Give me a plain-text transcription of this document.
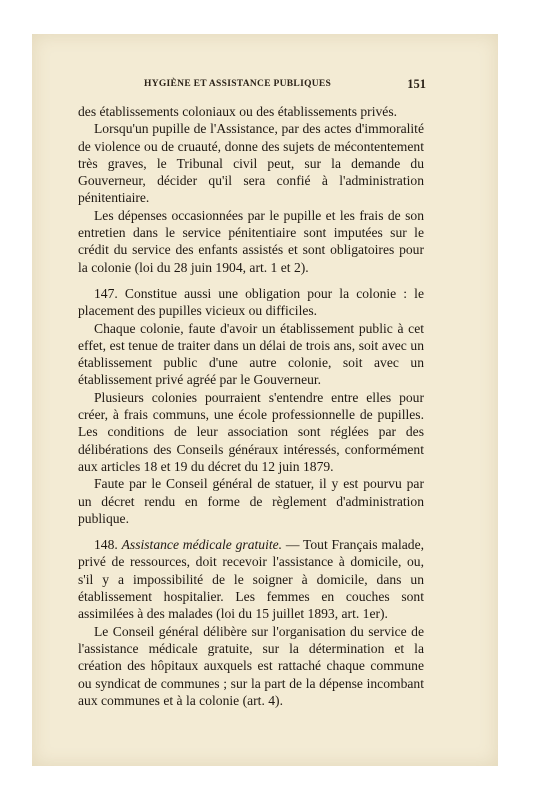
HYGIÈNE ET ASSISTANCE PUBLIQUES	151

des établissements coloniaux ou des établissements privés.

Lorsqu'un pupille de l'Assistance, par des actes d'immoralité de violence ou de cruauté, donne des sujets de mécontentement très graves, le Tribunal civil peut, sur la demande du Gouverneur, décider qu'il sera confié à l'administration pénitentiaire.

Les dépenses occasionnées par le pupille et les frais de son entretien dans le service pénitentiaire sont imputées sur le crédit du service des enfants assistés et sont obligatoires pour la colonie (loi du 28 juin 1904, art. 1 et 2).

147. Constitue aussi une obligation pour la colonie : le placement des pupilles vicieux ou difficiles.

Chaque colonie, faute d'avoir un établissement public à cet effet, est tenue de traiter dans un délai de trois ans, soit avec un établissement public d'une autre colonie, soit avec un établissement privé agréé par le Gouverneur.

Plusieurs colonies pourraient s'entendre entre elles pour créer, à frais communs, une école professionnelle de pupilles. Les conditions de leur association sont réglées par des délibérations des Conseils généraux intéressés, conformément aux articles 18 et 19 du décret du 12 juin 1879.

Faute par le Conseil général de statuer, il y est pourvu par un décret rendu en forme de règlement d'administration publique.

148. Assistance médicale gratuite. — Tout Français malade, privé de ressources, doit recevoir l'assistance à domicile, ou, s'il y a impossibilité de le soigner à domicile, dans un établissement hospitalier. Les femmes en couches sont assimilées à des malades (loi du 15 juillet 1893, art. 1er).

Le Conseil général délibère sur l'organisation du service de l'assistance médicale gratuite, sur la détermination et la création des hôpitaux auxquels est rattaché chaque commune ou syndicat de communes ; sur la part de la dépense incombant aux communes et à la colonie (art. 4).
